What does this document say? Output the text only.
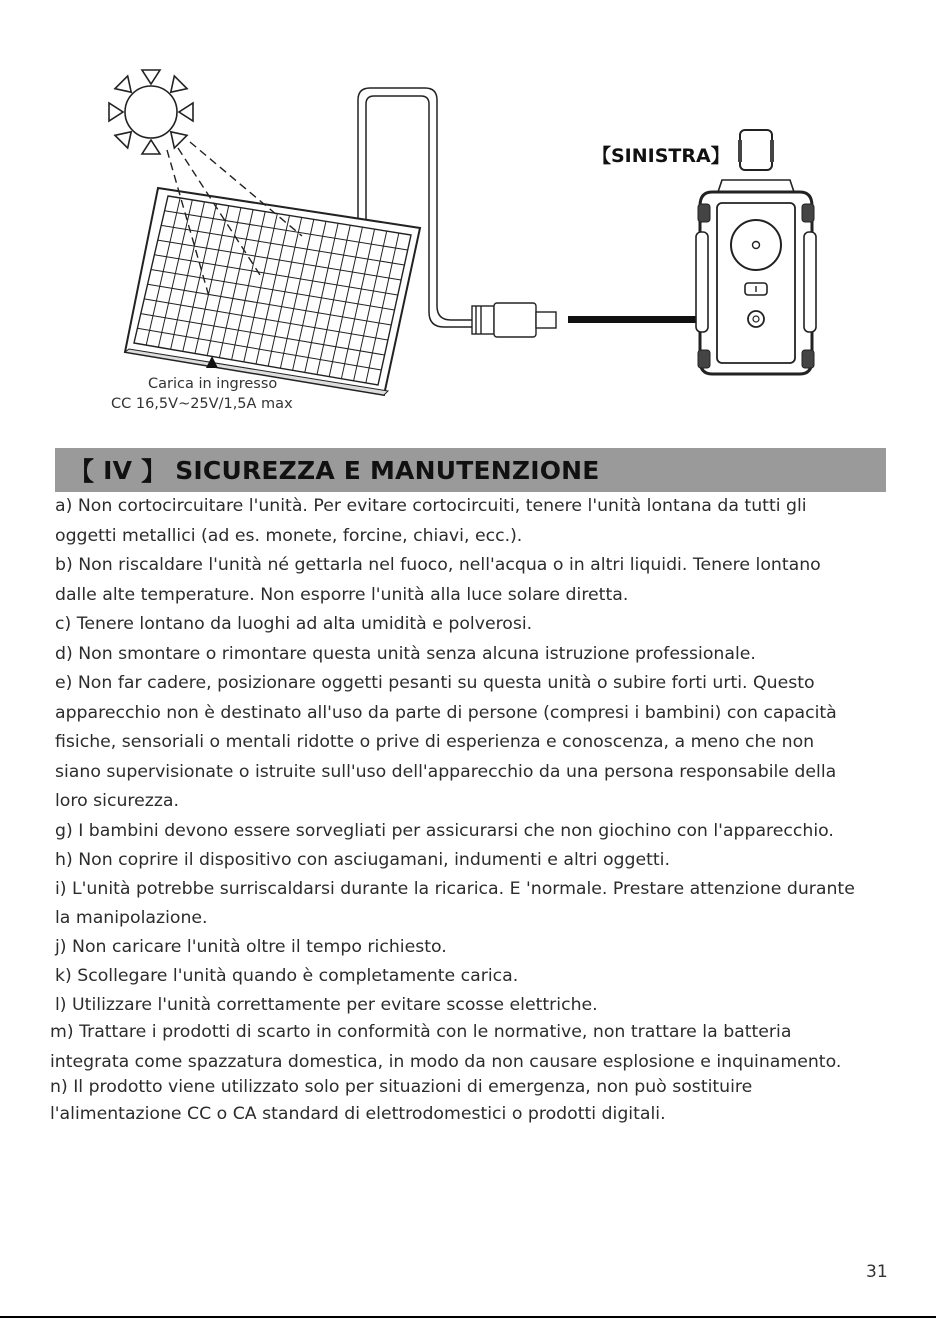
Carica in ingresso
CC 16,5V~25V/1,5A max
【SINISTRA】
【
IV
】
SICUREZZA E MANUTENZIONE
a) Non cortocircuitare l'unità. Per evitare cortocircuiti, tenere l'unità lontana da tutti gli
oggetti metallici (ad es. monete, forcine, chiavi, ecc.).
b) Non riscaldare l'unità né gettarla nel fuoco, nell'acqua o in altri liquidi. Tenere lontano
dalle alte temperature. Non esporre l'unità alla luce solare diretta.
c) Tenere lontano da luoghi ad alta umidità e polverosi.
d) Non smontare o rimontare questa unità senza alcuna istruzione professionale.
e) Non far cadere, posizionare oggetti pesanti su questa unità o subire forti urti. Questo
apparecchio non è destinato all'uso da parte di persone (compresi i bambini) con capacità
fisiche, sensoriali o mentali ridotte o prive di esperienza e conoscenza, a meno che non
siano supervisionate o istruite sull'uso dell'apparecchio da una persona responsabile della
loro sicurezza.
g) I bambini devono essere sorvegliati per assicurarsi che non giochino con l'apparecchio.
h) Non coprire il dispositivo con asciugamani, indumenti e altri oggetti.
i) L'unità potrebbe surriscaldarsi durante la ricarica. E 'normale. Prestare attenzione durante
la manipolazione.
j) Non caricare l'unità oltre il tempo richiesto.
k) Scollegare l'unità quando è completamente carica.
l) Utilizzare l'unità correttamente per evitare scosse elettriche.
m) Trattare i prodotti di scarto in conformità con le normative, non trattare la batteria
integrata come spazzatura domestica, in modo da non causare esplosione e inquinamento.
n) Il prodotto viene utilizzato solo per situazioni di emergenza, non può sostituire
l'alimentazione CC o CA standard di elettrodomestici o prodotti digitali.
31
